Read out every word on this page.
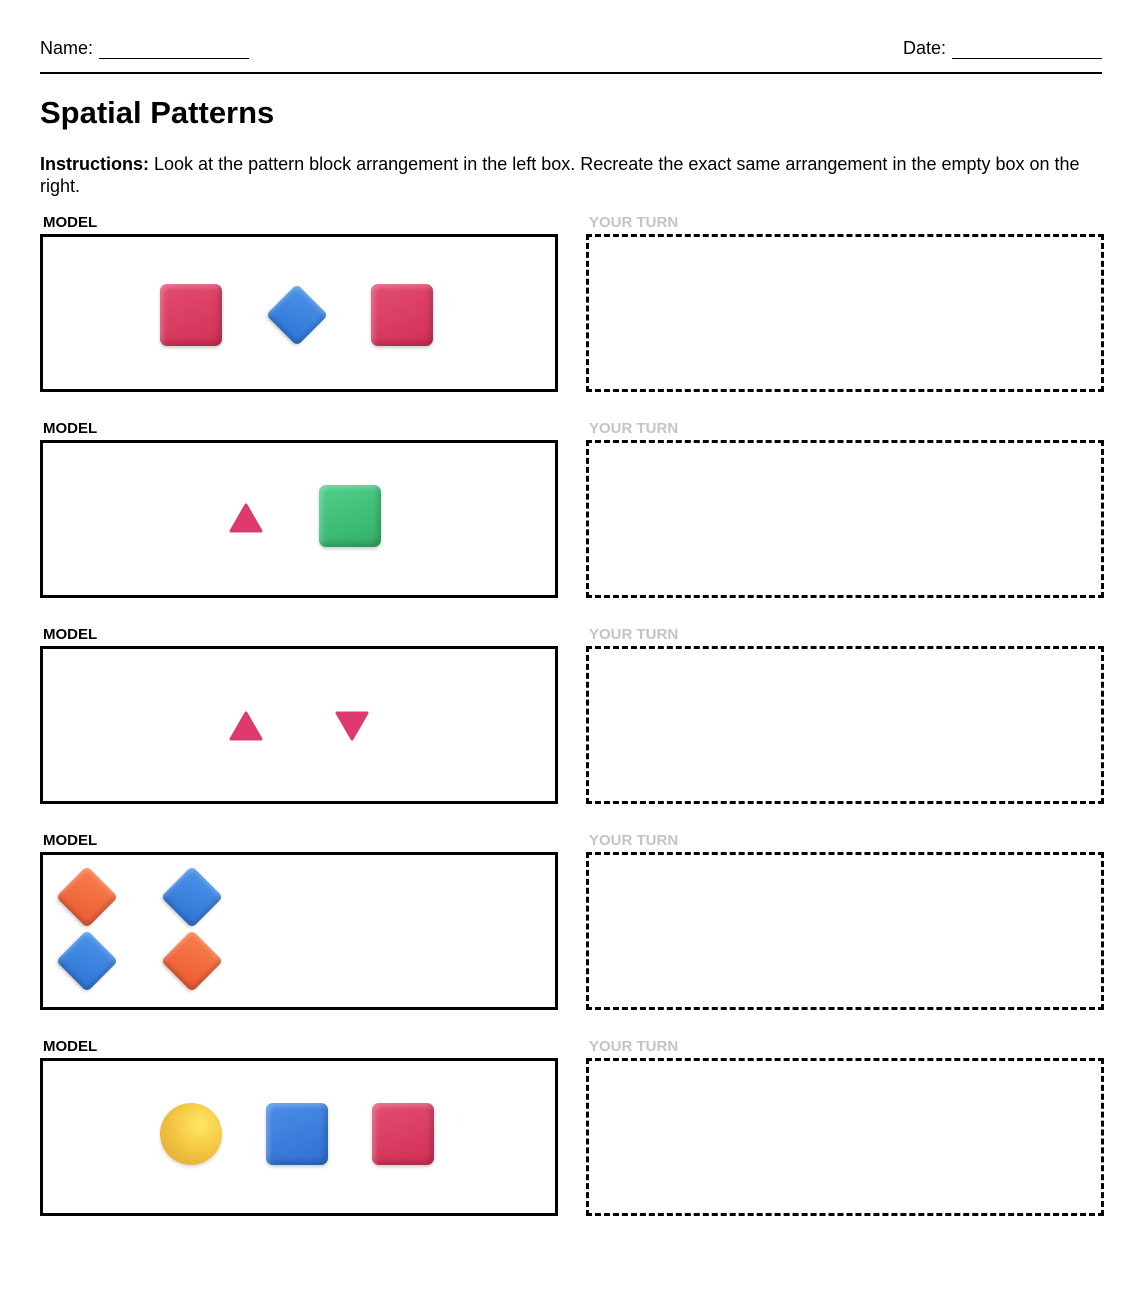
Name:	Date:
Spatial Patterns
Instructions: Look at the pattern block arrangement in the left box. Recreate the exact same arrangement in the empty box on the right.
MODEL	YOUR TURN
MODEL	YOUR TURN
MODEL	YOUR TURN
MODEL	YOUR TURN
MODEL	YOUR TURN
